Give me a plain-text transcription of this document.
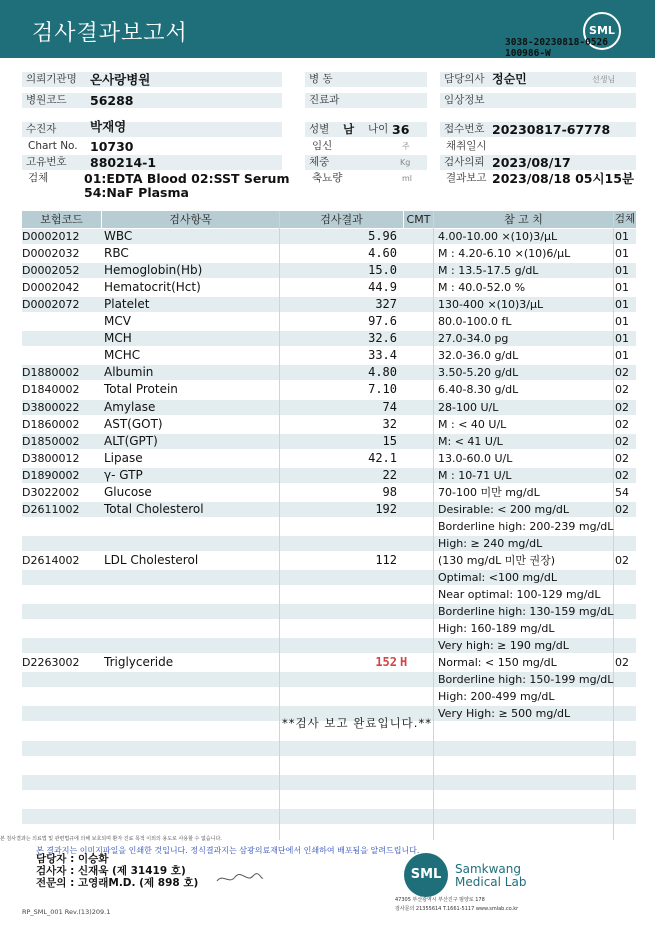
검사결과보고서	SML
3038-20230818-0526
100986-W
의뢰기관명	온사랑병원
병원코드	56288
병 동
진료과
담당의사 정순민	선생님
임상정보
수진자	박재영
Chart No. 10730
고유번호	880214-1
검체	01:EDTA Blood 02:SST Serum
54:NaF Plasma
성별	남 나이 36
임신	주
체중	Kg
축뇨량	ml
접수번호 20230817-67778
채취일시
검사의뢰 2023/08/17
결과보고 2023/08/18 05시15분
보험코드	검사항목	검사결과	CMT	참 고 치	검체
D0002012 WBC	5.96	4.00-10.00 ×(10)3/μL	01
D0002032 RBC	4.60	M : 4.20-6.10 ×(10)6/μL	01
D0002052 Hemoglobin(Hb)	15.0	M : 13.5-17.5 g/dL	01
D0002042 Hematocrit(Hct)	44.9	M : 40.0-52.0 %	01
D0002072 Platelet	327	130-400 ×(10)3/μL	01
MCV	97.6	80.0-100.0 fL	01
MCH	32.6	27.0-34.0 pg	01
MCHC	33.4	32.0-36.0 g/dL	01
D1880002 Albumin	4.80	3.50-5.20 g/dL	02
D1840002 Total Protein	7.10	6.40-8.30 g/dL	02
D3800022 Amylase	74	28-100 U/L	02
D1860002 AST(GOT)	32	M : < 40 U/L	02
D1850002 ALT(GPT)	15	M: < 41 U/L	02
D3800012 Lipase	42.1	13.0-60.0 U/L	02
D1890002 γ- GTP	22	M : 10-71 U/L	02
D3022002 Glucose	98	70-100 미만 mg/dL	54
D2611002 Total Cholesterol	192	Desirable: < 200 mg/dL	02
Borderline high: 200-239 mg/dL
High: ≥ 240 mg/dL
D2614002 LDL Cholesterol	112	(130 mg/dL 미만 권장)	02
Optimal: <100 mg/dL
Near optimal: 100-129 mg/dL
Borderline high: 130-159 mg/dL
High: 160-189 mg/dL
Very high: ≥ 190 mg/dL
D2263002 Triglyceride	152 H	Normal: < 150 mg/dL	02
Borderline high: 150-199 mg/dL
High: 200-499 mg/dL
Very High: ≥ 500 mg/dL
**검사 보고 완료입니다.**
본 검사결과는 의료법 및 관련법규에 의해 보호되며 환자 진료 목적 이외의 용도로 사용할 수 없습니다.
본 결과지는 이미지파일을 인쇄한 것입니다. 정식결과지는 삼광의료재단에서 인쇄하여 배포됨을 알려드립니다.
담당자 : 이승화
검사자 : 신재욱 (제 31419 호)
전문의 : 고영래M.D. (제 898 호)
SML	Samkwang
Medical Lab
47305 부산광역시 부산진구 범양로 178
검사문의 21355614 T.1661-5117 www.smlab.co.kr
RP_SML_001 Rev.(13)209.1
